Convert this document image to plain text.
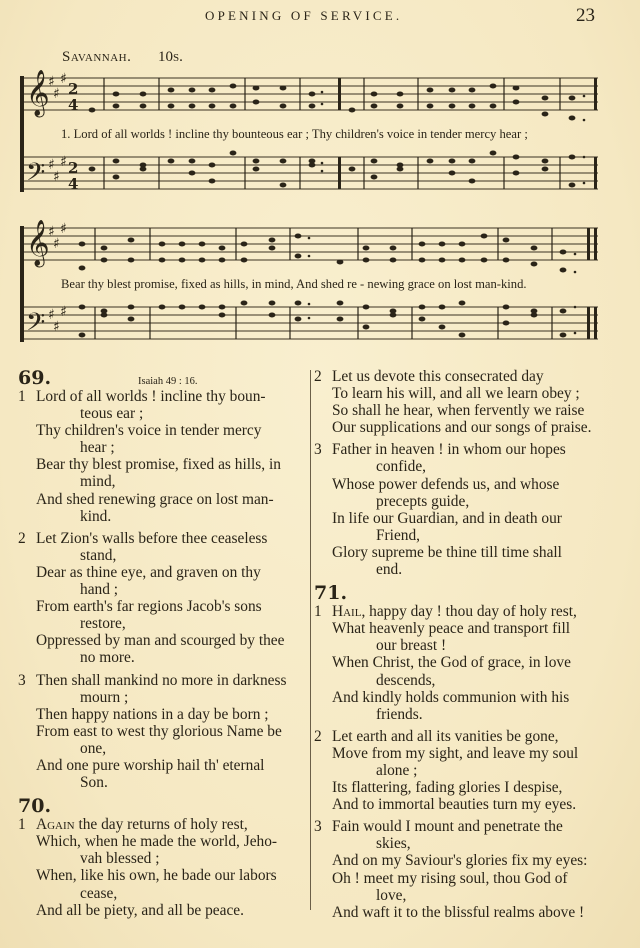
OPENING OF SERVICE.	23
Savannah. 10s.
𝄞
𝄢
𝄞
𝄢
♯
♯
♯
♯
♯
♯
♯
♯
♯
♯
♯
♯
2
4
2
4
1. Lord of all worlds ! incline thy bounteous ear ; Thy children's voice in tender mercy hear ;
Bear thy blest promise, fixed as hills, in mind, And shed re - newing grace on lost man-kind.
69.	Isaiah 49 : 16.
1 Lord of all worlds ! incline thy boun-
teous ear ;
Thy children's voice in tender mercy
hear ;
Bear thy blest promise, fixed as hills, in
mind,
And shed renewing grace on lost man-
kind.
2 Let Zion's walls before thee ceaseless
stand,
Dear as thine eye, and graven on thy
hand ;
From earth's far regions Jacob's sons
restore,
Oppressed by man and scourged by thee
no more.
3 Then shall mankind no more in darkness
mourn ;
Then happy nations in a day be born ;
From east to west thy glorious Name be
one,
And one pure worship hail th' eternal
Son.
70.
1 Again the day returns of holy rest,
Which, when he made the world, Jeho-
vah blessed ;
When, like his own, he bade our labors
cease,
And all be piety, and all be peace.
2 Let us devote this consecrated day
To learn his will, and all we learn obey ;
So shall he hear, when fervently we raise
Our supplications and our songs of praise.
3 Father in heaven ! in whom our hopes
confide,
Whose power defends us, and whose
precepts guide,
In life our Guardian, and in death our
Friend,
Glory supreme be thine till time shall
end.
71.
1 Hail, happy day ! thou day of holy rest,
What heavenly peace and transport fill
our breast !
When Christ, the God of grace, in love
descends,
And kindly holds communion with his
friends.
2 Let earth and all its vanities be gone,
Move from my sight, and leave my soul
alone ;
Its flattering, fading glories I despise,
And to immortal beauties turn my eyes.
3 Fain would I mount and penetrate the
skies,
And on my Saviour's glories fix my eyes:
Oh ! meet my rising soul, thou God of
love,
And waft it to the blissful realms above !
